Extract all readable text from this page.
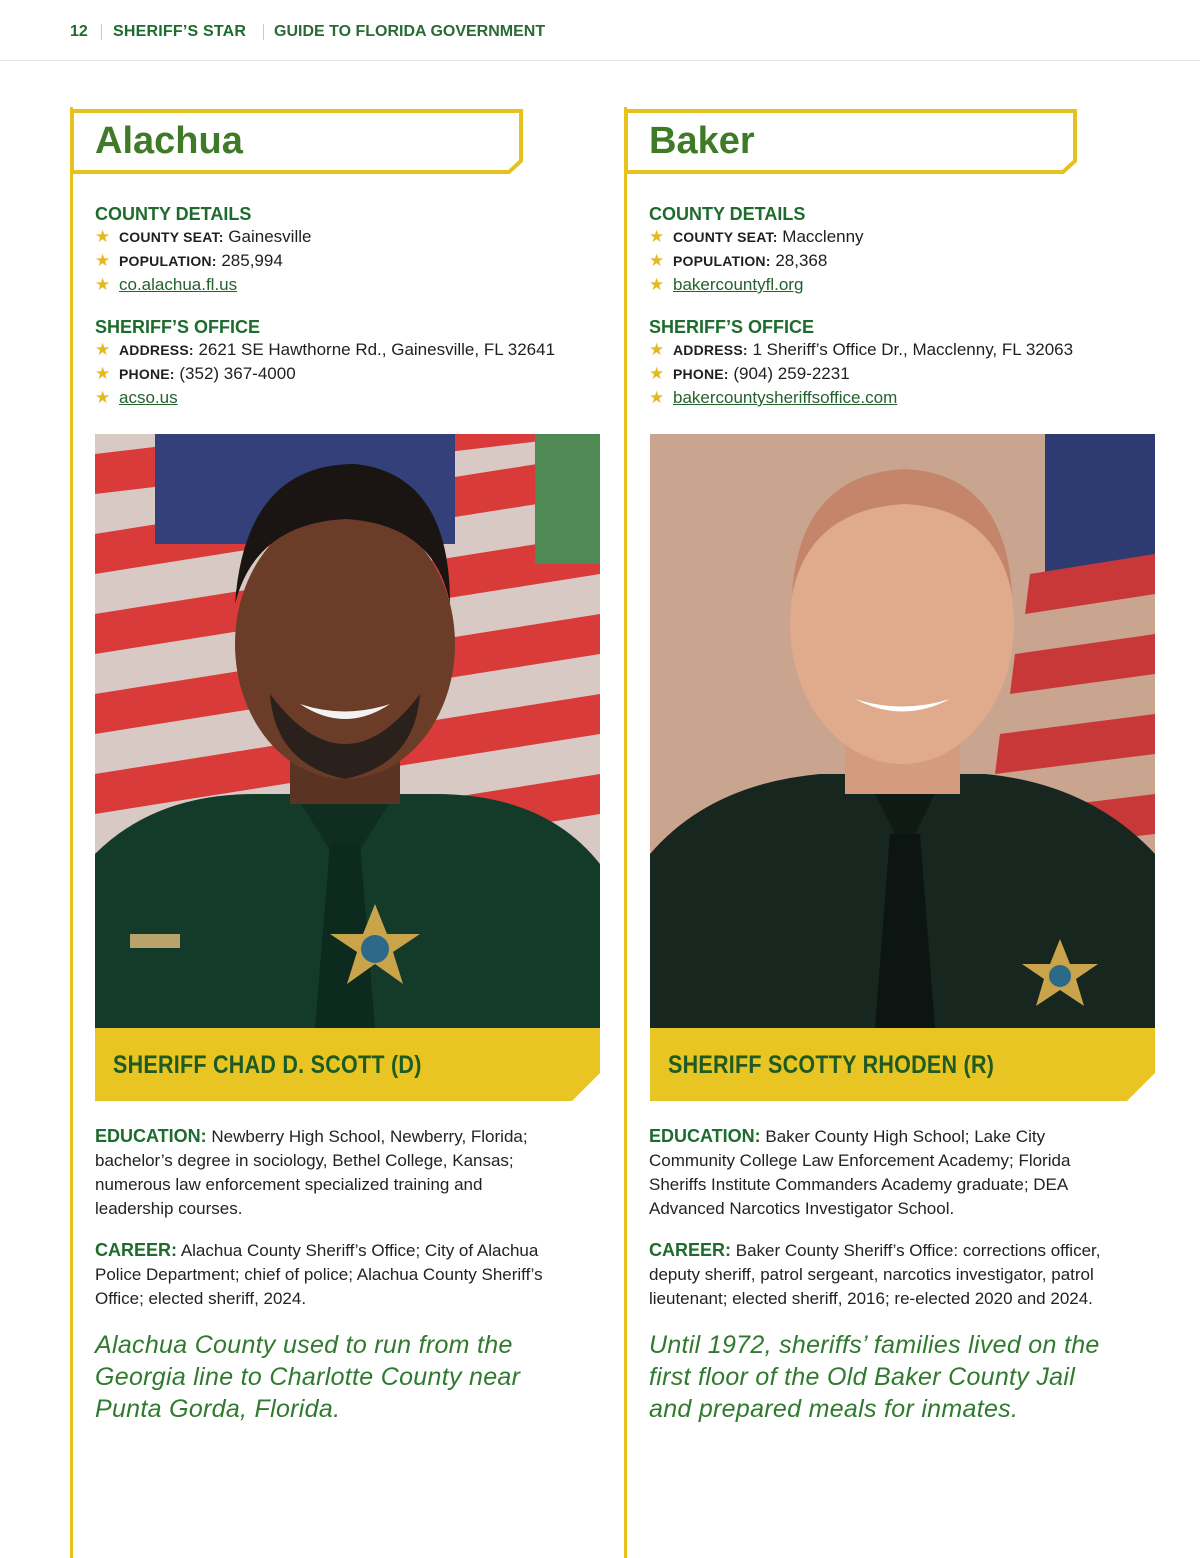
12 SHERIFF’S STAR GUIDE TO FLORIDA GOVERNMENT
Alachua
COUNTY DETAILS
★ COUNTY SEAT: Gainesville
★ POPULATION: 285,994
★ co.alachua.fl.us
SHERIFF’S OFFICE
★ ADDRESS: 2621 SE Hawthorne Rd., Gainesville, FL 32641
★ PHONE: (352) 367-4000
★ acso.us
SHERIFF CHAD D. SCOTT (D)
EDUCATION: Newberry High School, Newberry, Florida; bachelor’s degree in sociology, Bethel College, Kansas; numerous law enforcement specialized training and leadership courses.
CAREER: Alachua County Sheriff’s Office; City of Alachua Police Department; chief of police; Alachua County Sheriff’s Office; elected sheriff, 2024.
Alachua County used to run from the Georgia line to Charlotte County near Punta Gorda, Florida.
Baker
COUNTY DETAILS
★ COUNTY SEAT: Macclenny
★ POPULATION: 28,368
★ bakercountyfl.org
SHERIFF’S OFFICE
★ ADDRESS: 1 Sheriff’s Office Dr., Macclenny, FL 32063
★ PHONE: (904) 259-2231
★ bakercountysheriffsoffice.com
SHERIFF SCOTTY RHODEN (R)
EDUCATION: Baker County High School; Lake City Community College Law Enforcement Academy; Florida Sheriffs Institute Commanders Academy graduate; DEA Advanced Narcotics Investigator School.
CAREER: Baker County Sheriff’s Office: corrections officer, deputy sheriff, patrol sergeant, narcotics investigator, patrol lieutenant; elected sheriff, 2016; re-elected 2020 and 2024.
Until 1972, sheriffs’ families lived on the first floor of the Old Baker County Jail and prepared meals for inmates.
